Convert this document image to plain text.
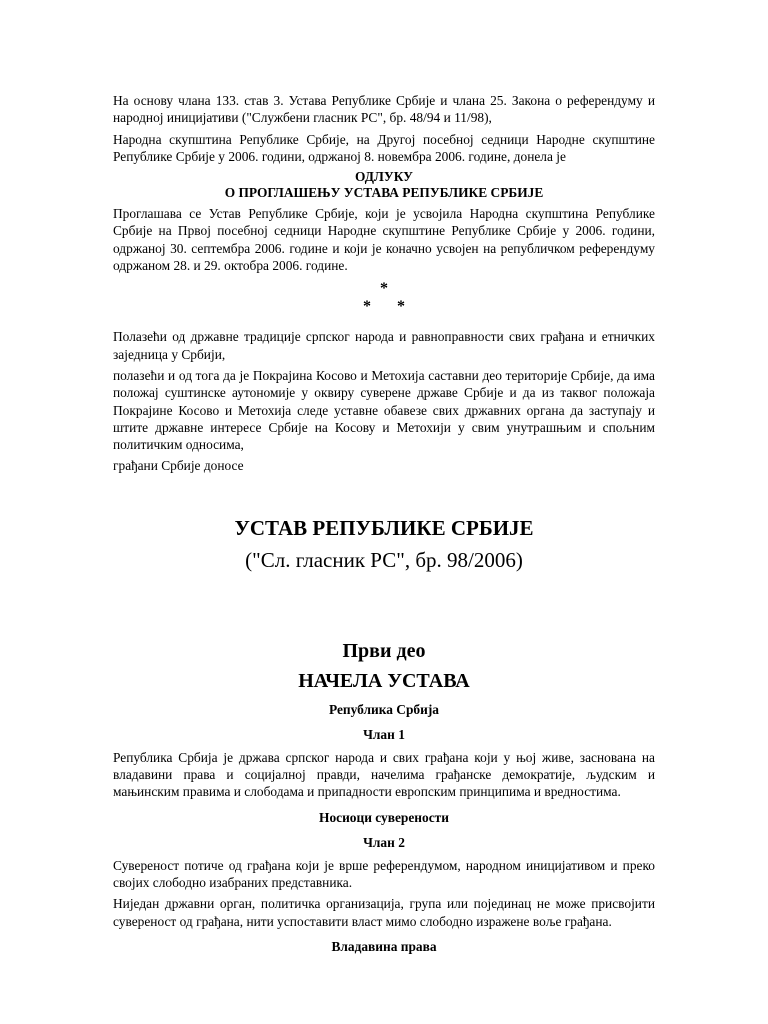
На основу члана 133. став 3. Устава Републике Србије и члана 25. Закона о референдуму и народној иницијативи ("Службени гласник РС", бр. 48/94 и 11/98),

Народна скупштина Републике Србије, на Другој посебној седници Народне скупштине Републике Србије у 2006. години, одржаној 8. новембра 2006. године, донела је

ОДЛУКУ
О ПРОГЛАШЕЊУ УСТАВА РЕПУБЛИКЕ СРБИЈЕ

Проглашава се Устав Републике Србије, који је усвојила Народна скупштина Републике Србије на Првој посебној седници Народне скупштине Републике Србије у 2006. години, одржаној 30. септембра 2006. године и који је коначно усвојен на републичком референдуму одржаном 28. и 29. октобра 2006. године.

*
* *

Полазећи од државне традиције српског народа и равноправности свих грађана и етничких заједница у Србији,

полазећи и од тога да је Покрајина Косово и Метохија саставни део територије Србије, да има положај суштинске аутономије у оквиру суверене државе Србије и да из таквог положаја Покрајине Косово и Метохија следе уставне обавезе свих државних органа да заступају и штите државне интересе Србије на Косову и Метохији у свим унутрашњим и спољним политичким односима,

грађани Србије доносе

УСТАВ РЕПУБЛИКЕ СРБИЈЕ
("Сл. гласник РС", бр. 98/2006)
Први део
НАЧЕЛА УСТАВА
Република Србија
Члан 1

Република Србија је држава српског народа и свих грађана који у њој живе, заснована на владавини права и социјалној правди, начелима грађанске демократије, људским и мањинским правима и слободама и припадности европским принципима и вредностима.

Носиоци суверености
Члан 2

Сувереност потиче од грађана који је врше референдумом, народном иницијативом и преко својих слободно изабраних представника.

Ниједан државни орган, политичка организација, група или појединац не може присвојити сувереност од грађана, нити успоставити власт мимо слободно изражене воље грађана.

Владавина права
